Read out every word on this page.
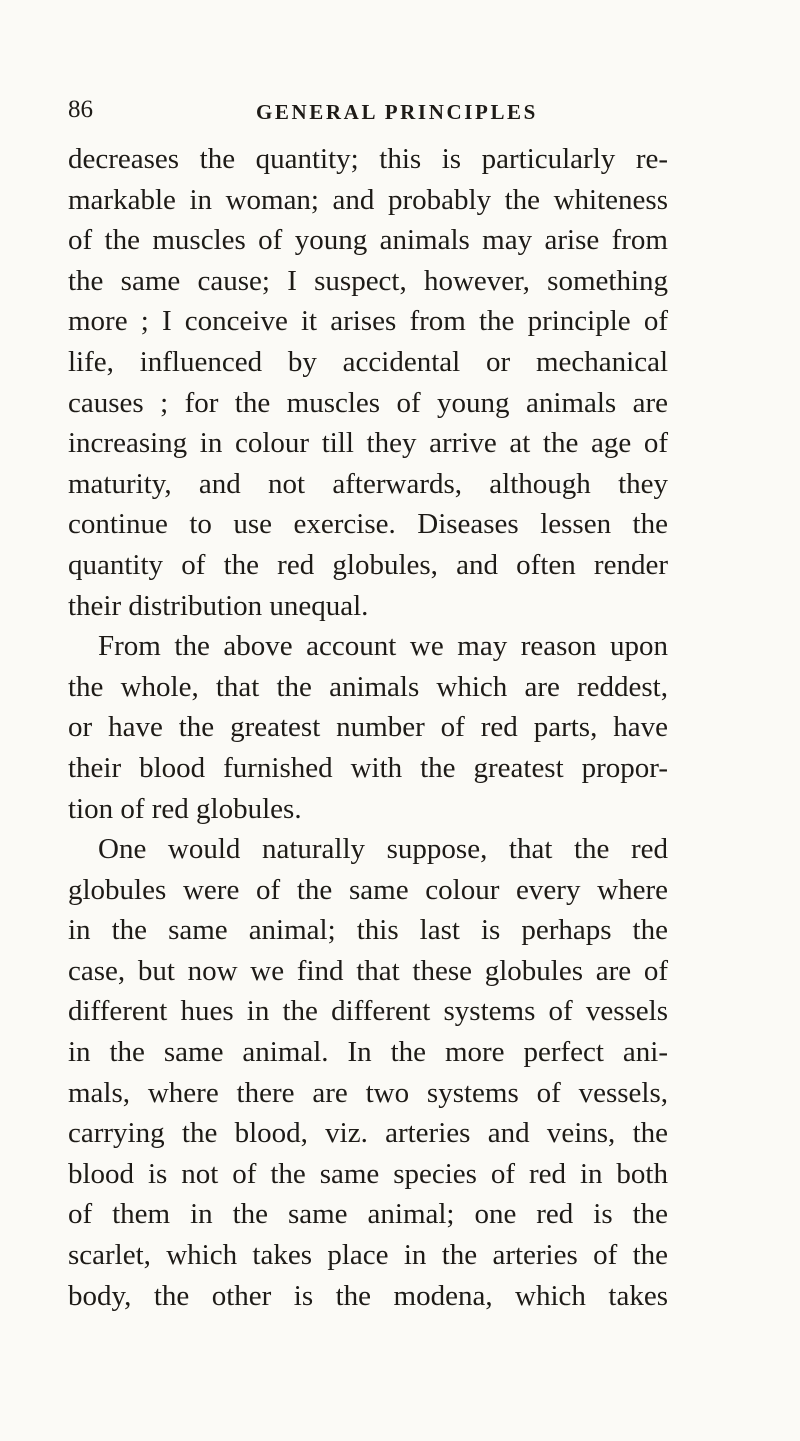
86	GENERAL PRINCIPLES
decreases the quantity; this is particularly re-
markable in woman; and probably the whiteness
of the muscles of young animals may arise from
the same cause; I suspect, however, something
more ; I conceive it arises from the principle of
life, influenced by accidental or mechanical
causes ; for the muscles of young animals are
increasing in colour till they arrive at the age of
maturity, and not afterwards, although they
continue to use exercise. Diseases lessen the
quantity of the red globules, and often render
their distribution unequal.
From the above account we may reason upon
the whole, that the animals which are reddest,
or have the greatest number of red parts, have
their blood furnished with the greatest propor-
tion of red globules.
One would naturally suppose, that the red
globules were of the same colour every where
in the same animal; this last is perhaps the
case, but now we find that these globules are of
different hues in the different systems of vessels
in the same animal. In the more perfect ani-
mals, where there are two systems of vessels,
carrying the blood, viz. arteries and veins, the
blood is not of the same species of red in both
of them in the same animal; one red is the
scarlet, which takes place in the arteries of the
body, the other is the modena, which takes
